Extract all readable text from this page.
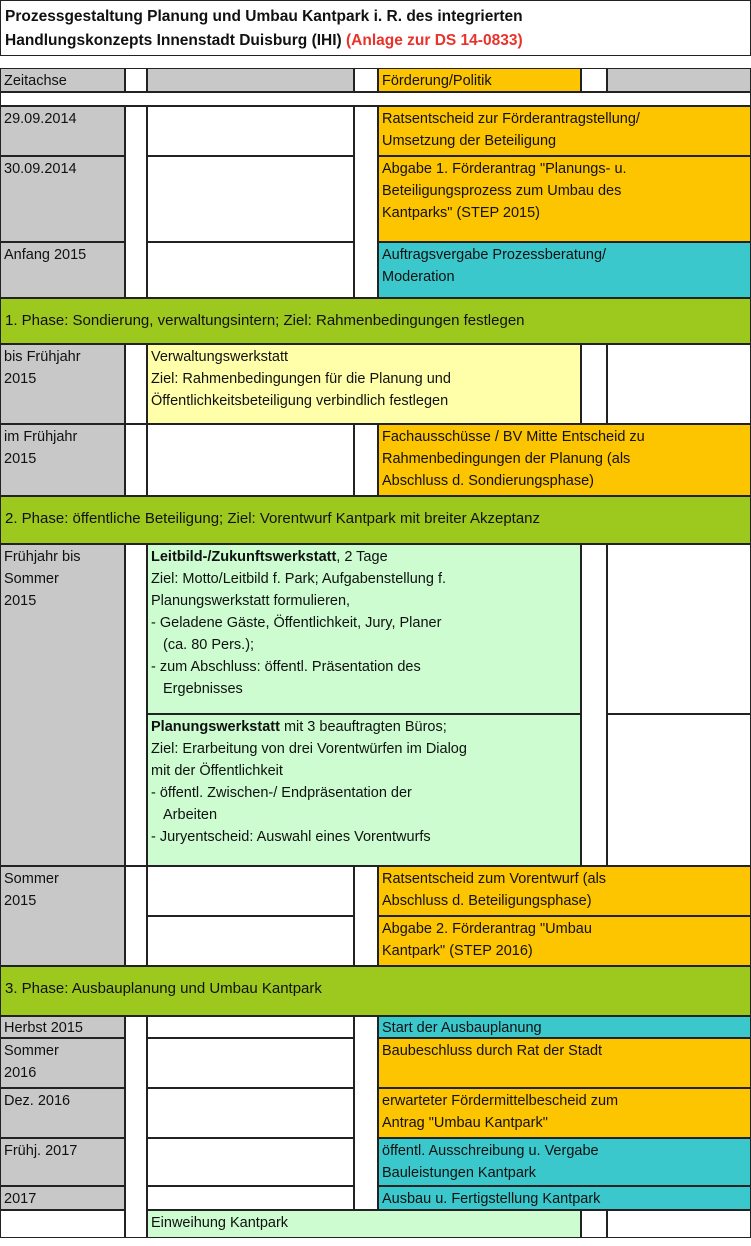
Prozessgestaltung Planung und Umbau Kantpark i. R. des integrierten
Handlungskonzepts Innenstadt Duisburg (IHI) (Anlage zur DS 14-0833)
Zeitachse	Förderung/Politik
29.09.2014
30.09.2014
Anfang 2015
Ratsentscheid zur Förderantragstellung/
Umsetzung der Beteiligung
Abgabe 1. Förderantrag "Planungs- u.
Beteiligungsprozess zum Umbau des
Kantparks" (STEP 2015)
Auftragsvergabe Prozessberatung/
Moderation
1. Phase: Sondierung, verwaltungsintern; Ziel: Rahmenbedingungen festlegen
bis Frühjahr
2015
Verwaltungswerkstatt
Ziel: Rahmenbedingungen für die Planung und
Öffentlichkeitsbeteiligung verbindlich festlegen
im Frühjahr
2015
Fachausschüsse / BV Mitte Entscheid zu
Rahmenbedingungen der Planung (als
Abschluss d. Sondierungsphase)
2. Phase: öffentliche Beteiligung; Ziel: Vorentwurf Kantpark mit breiter Akzeptanz
Frühjahr bis
Sommer
2015
Leitbild-/Zukunftswerkstatt, 2 Tage
Ziel: Motto/Leitbild f. Park; Aufgabenstellung f.
Planungswerkstatt formulieren,
- Geladene Gäste, Öffentlichkeit, Jury, Planer
(ca. 80 Pers.);
- zum Abschluss: öffentl. Präsentation des
Ergebnisses
Planungswerkstatt mit 3 beauftragten Büros;
Ziel: Erarbeitung von drei Vorentwürfen im Dialog
mit der Öffentlichkeit
- öffentl. Zwischen-/ Endpräsentation der
Arbeiten
- Juryentscheid: Auswahl eines Vorentwurfs
Sommer
2015
Ratsentscheid zum Vorentwurf (als
Abschluss d. Beteiligungsphase)
Abgabe 2. Förderantrag "Umbau
Kantpark" (STEP 2016)
3. Phase: Ausbauplanung und Umbau Kantpark
Herbst 2015
Sommer
2016
Dez. 2016
Frühj. 2017
2017
Start der Ausbauplanung
Baubeschluss durch Rat der Stadt
erwarteter Fördermittelbescheid zum
Antrag "Umbau Kantpark"
öffentl. Ausschreibung u. Vergabe
Bauleistungen Kantpark
Ausbau u. Fertigstellung Kantpark
Einweihung Kantpark
